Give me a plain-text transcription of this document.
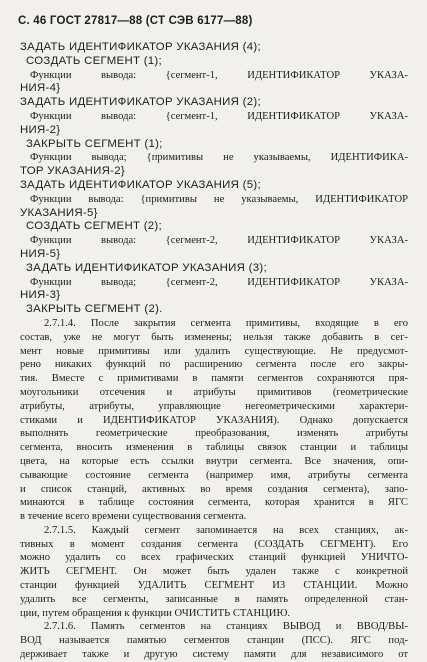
С. 46 ГОСТ 27817—88 (СТ СЭВ 6177—88)
ЗАДАТЬ ИДЕНТИФИКАТОР УКАЗАНИЯ (4);
СОЗДАТЬ СЕГМЕНТ (1);
Функции вывода: {сегмент-1, ИДЕНТИФИКАТОР УКАЗА-
НИЯ-4}
ЗАДАТЬ ИДЕНТИФИКАТОР УКАЗАНИЯ (2);
Функции вывода: {сегмент-1, ИДЕНТИФИКАТОР УКАЗА-
НИЯ-2}
ЗАКРЫТЬ СЕГМЕНТ (1);
Функции вывода; {примитивы не указываемы, ИДЕНТИФИКА-
ТОР УКАЗАНИЯ-2}
ЗАДАТЬ ИДЕНТИФИКАТОР УКАЗАНИЯ (5);
Функции вывода: {примитивы не указываемы, ИДЕНТИФИКАТОР
УКАЗАНИЯ-5}
СОЗДАТЬ СЕГМЕНТ (2);
Функции вывода: {сегмент-2, ИДЕНТИФИКАТОР УКАЗА-
НИЯ-5}
ЗАДАТЬ ИДЕНТИФИКАТОР УКАЗАНИЯ (3);
Функции вывода; {сегмент-2, ИДЕНТИФИКАТОР УКАЗА-
НИЯ-3}
ЗАКРЫТЬ СЕГМЕНТ (2).
2.7.1.4. После закрытия сегмента примитивы, входящие в его
состав, уже не могут быть изменены; нельзя также добавить в сег-
мент новые примитивы или удалить существующие. Не предусмот-
рено никаких функций по расширению сегмента после его закры-
тия. Вместе с примитивами в памяти сегментов сохраняются пря-
моугольники отсечения и атрибуты примитивов (геометрические
атрибуты, атрибуты, управляющие негеометрическими характери-
стиками и ИДЕНТИФИКАТОР УКАЗАНИЯ). Однако допускается
выполнять геометрические преобразования, изменять атрибуты
сегмента, вносить изменения в таблицы связок станции и таблицы
цвета, на которые есть ссылки внутри сегмента. Все значения, опи-
сывающие состояние сегмента (например имя, атрибуты сегмента
и список станций, активных во время создания сегмента), запо-
минаются в таблице состояния сегмента, которая хранится в ЯГС
в течение всего времени существования сегмента.
2.7.1.5. Каждый сегмент запоминается на всех станциях, ак-
тивных в момент создания сегмента (СОЗДАТЬ СЕГМЕНТ). Его
можно удалить со всех графических станций функцией УНИЧТО-
ЖИТЬ СЕГМЕНТ. Он может быть удален также с конкретной
станции функцией УДАЛИТЬ СЕГМЕНТ ИЗ СТАНЦИИ. Можно
удалить все сегменты, записанные в память определенной стан-
ции, путем обращения к функции ОЧИСТИТЬ СТАНЦИЮ.
2.7.1.6. Память сегментов на станциях ВЫВОД и ВВОД/ВЫ-
ВОД называется памятью сегментов станции (ПСС). ЯГС под-
держивает также и другую систему памяти для независимого от
